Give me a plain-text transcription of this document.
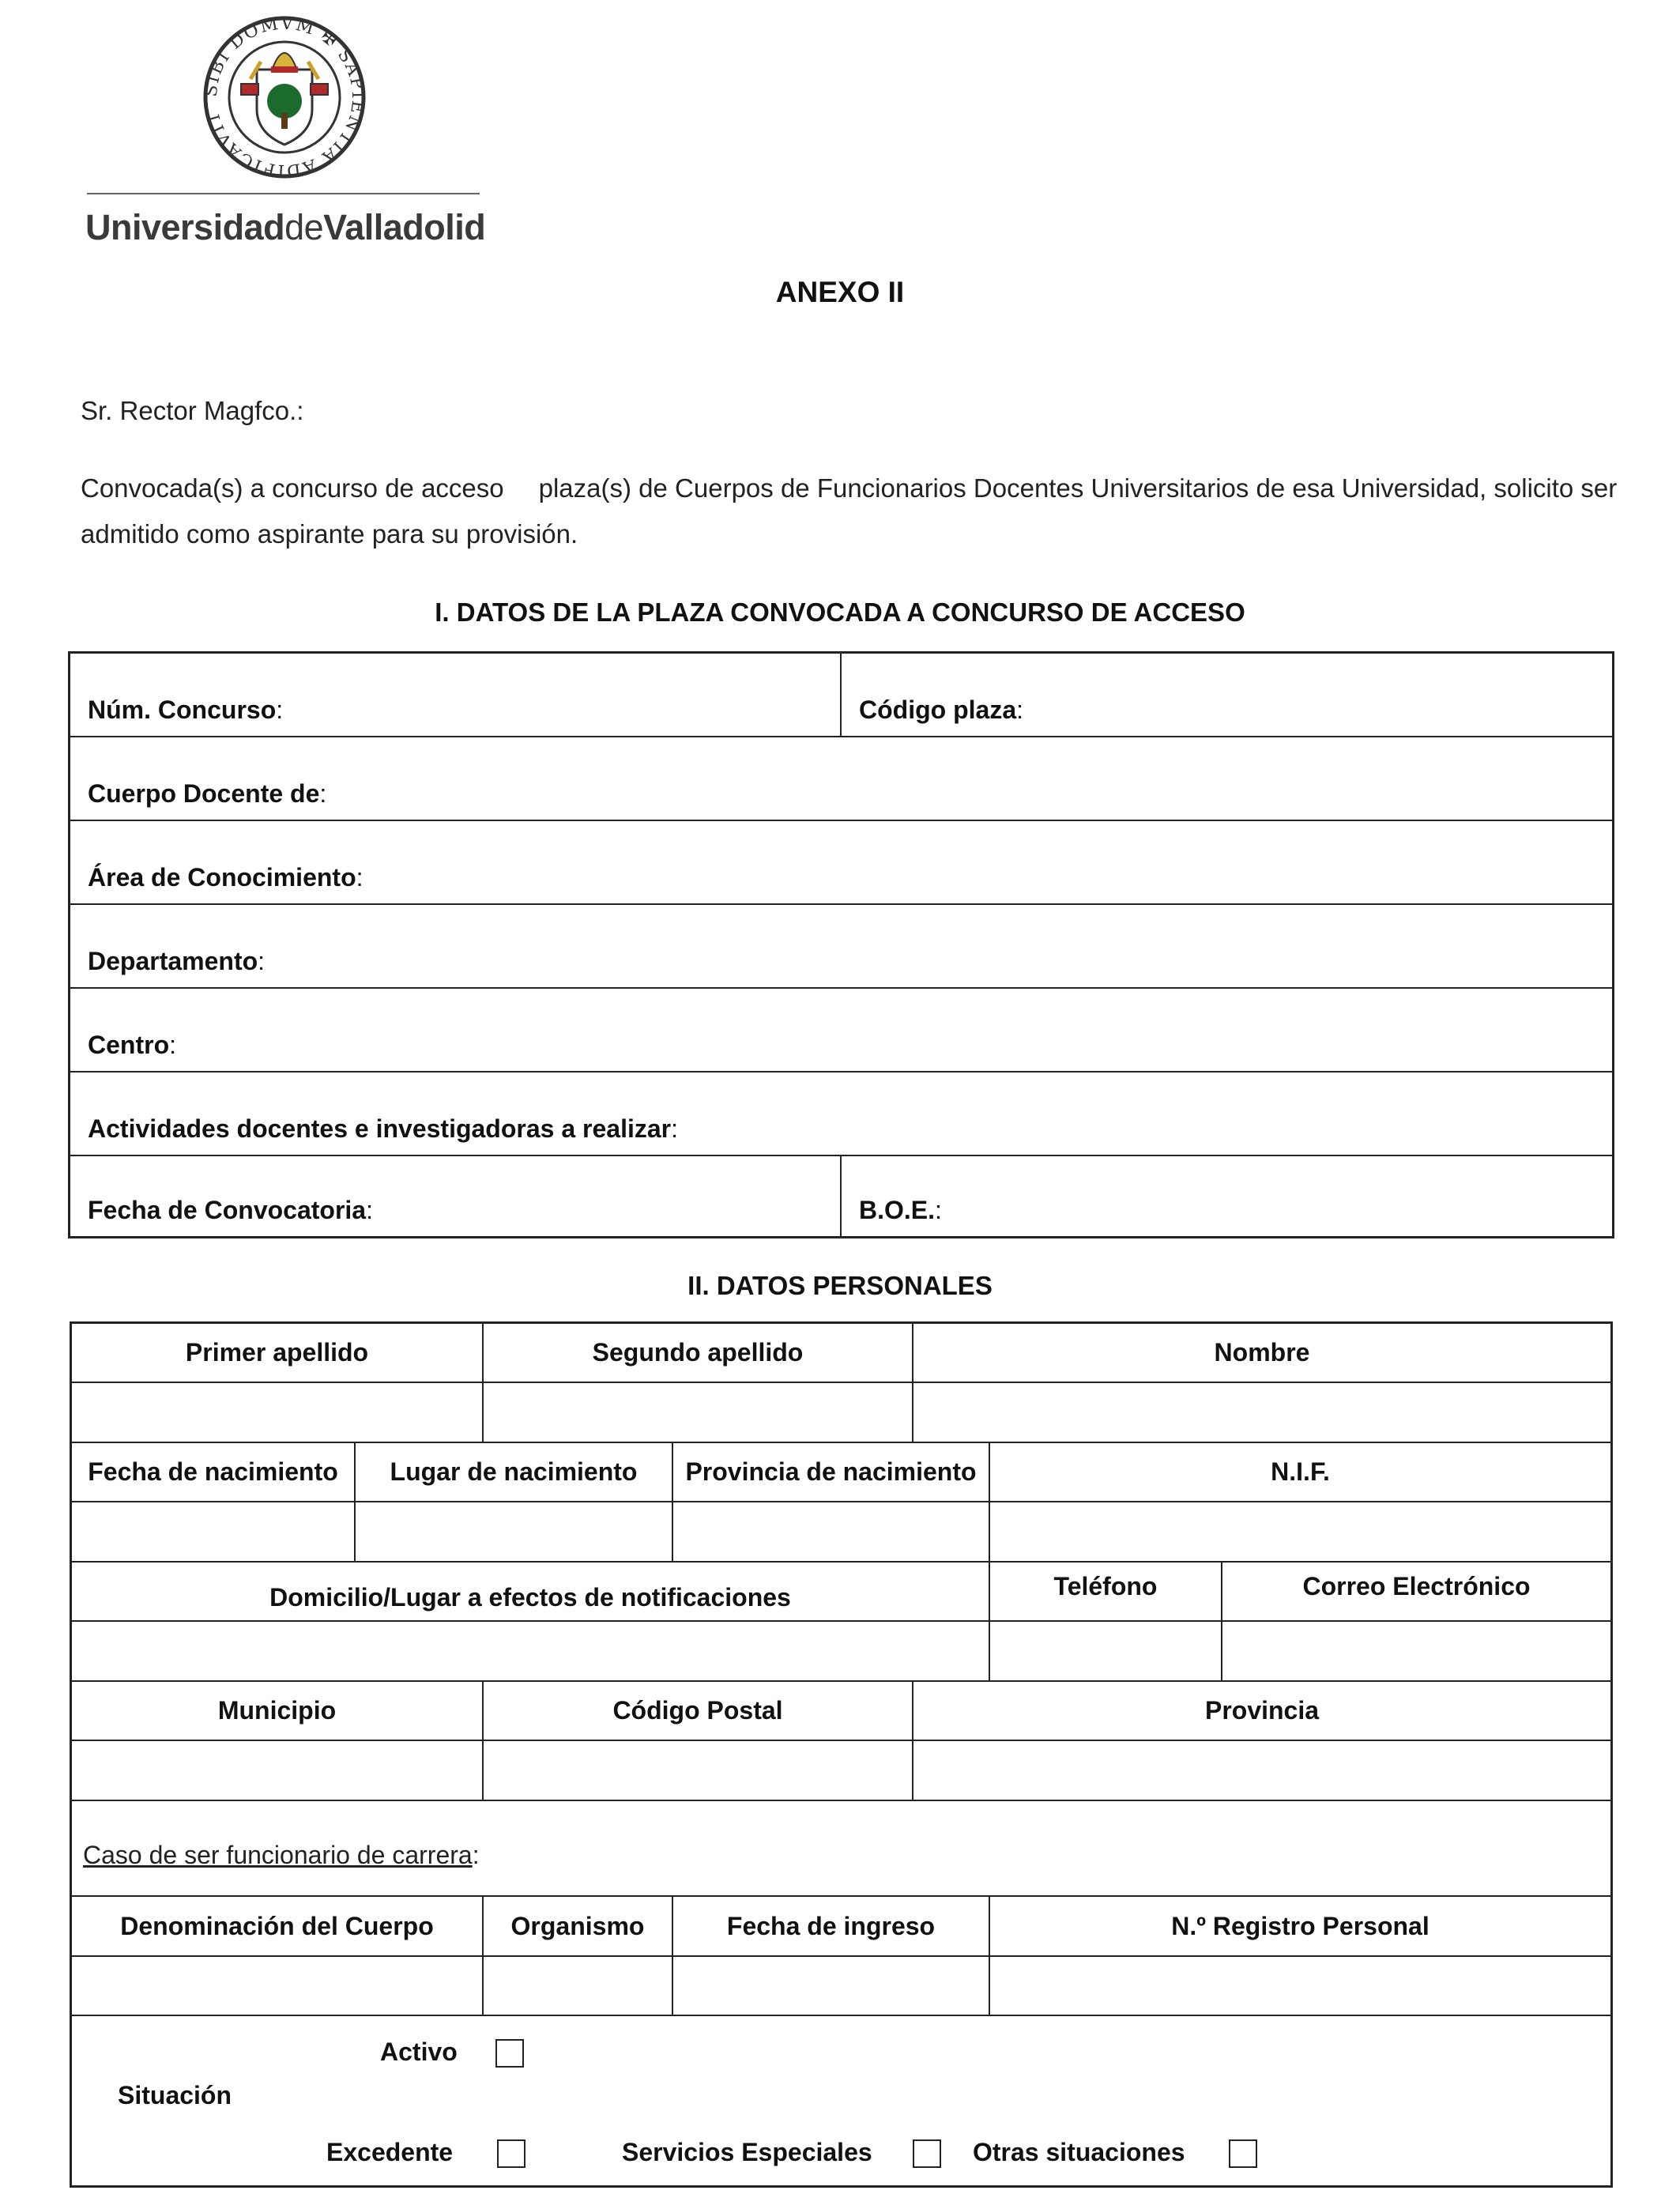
SIBI DOMVM ✠ SAPIENTIA ADIFICAVIT
UniversidaddeValladolid
ANEXO II
Sr. Rector Magfco.:
Convocada(s) a concurso de acceso plaza(s) de Cuerpos de Funcionarios Docentes Universitarios de esa Universidad, solicito ser admitido como aspirante para su provisión.
I. DATOS DE LA PLAZA CONVOCADA A CONCURSO DE ACCESO
Núm. Concurso :	Código plaza :
Cuerpo Docente de :
Área de Conocimiento :
Departamento :
Centro :
Actividades docentes e investigadoras a realizar :
Fecha de Convocatoria :	B.O.E. :
II. DATOS PERSONALES
Primer apellido	Segundo apellido	Nombre
Fecha de nacimiento	Lugar de nacimiento	Provincia de nacimiento	N.I.F.
Domicilio/Lugar a efectos de notificaciones	Teléfono	Correo Electrónico
Municipio	Código Postal	Provincia
Caso de ser funcionario de carrera:
Denominación del Cuerpo	Organismo	Fecha de ingreso	N.º Registro Personal
Situación
Activo
Excedente	Servicios Especiales	Otras situaciones
